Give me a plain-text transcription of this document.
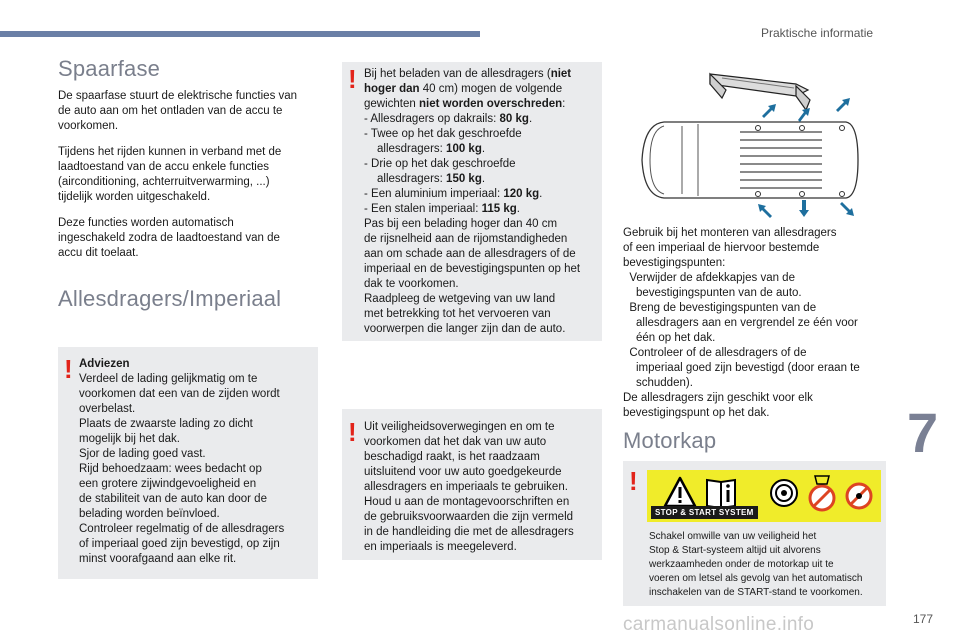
Praktische informatie
Spaarfase
De spaarfase stuurt de elektrische functies van
de auto aan om het ontladen van de accu te
voorkomen.
Tijdens het rijden kunnen in verband met de
laadtoestand van de accu enkele functies
(airconditioning, achterruitverwarming, ...)
tijdelijk worden uitgeschakeld.
Deze functies worden automatisch
ingeschakeld zodra de laadtoestand van de
accu dit toelaat.
Allesdragers/Imperiaal
! Adviezen
Verdeel de lading gelijkmatig om te
voorkomen dat een van de zijden wordt
overbelast.
Plaats de zwaarste lading zo dicht
mogelijk bij het dak.
Sjor de lading goed vast.
Rijd behoedzaam: wees bedacht op
een grotere zijwindgevoeligheid en
de stabiliteit van de auto kan door de
belading worden beïnvloed.
Controleer regelmatig of de allesdragers
of imperiaal goed zijn bevestigd, op zijn
minst voorafgaand aan elke rit.
! Bij het beladen van de allesdragers (niet
hoger dan 40 cm) mogen de volgende
gewichten niet worden overschreden:
- Allesdragers op dakrails: 80 kg.
- Twee op het dak geschroefde
allesdragers: 100 kg.
- Drie op het dak geschroefde
allesdragers: 150 kg.
- Een aluminium imperiaal: 120 kg.
- Een stalen imperiaal: 115 kg.
Pas bij een belading hoger dan 40 cm
de rijsnelheid aan de rijomstandigheden
aan om schade aan de allesdragers of de
imperiaal en de bevestigingspunten op het
dak te voorkomen.
Raadpleeg de wetgeving van uw land
met betrekking tot het vervoeren van
voorwerpen die langer zijn dan de auto.
! Uit veiligheidsoverwegingen en om te
voorkomen dat het dak van uw auto
beschadigd raakt, is het raadzaam
uitsluitend voor uw auto goedgekeurde
allesdragers en imperiaals te gebruiken.
Houd u aan de montagevoorschriften en
de gebruiksvoorwaarden die zijn vermeld
in de handleiding die met de allesdragers
en imperiaals is meegeleverd.
Gebruik bij het monteren van allesdragers
of een imperiaal de hiervoor bestemde
bevestigingspunten:
Verwijder de afdekkapjes van de
bevestigingspunten van de auto.
Breng de bevestigingspunten van de
allesdragers aan en vergrendel ze één voor
één op het dak.
Controleer of de allesdragers of de
imperiaal goed zijn bevestigd (door eraan te
schudden).
De allesdragers zijn geschikt voor elk
bevestigingspunt op het dak.
Motorkap
!
STOP & START SYSTEM
Schakel omwille van uw veiligheid het
Stop & Start-systeem altijd uit alvorens
werkzaamheden onder de motorkap uit te
voeren om letsel als gevolg van het automatisch
inschakelen van de START-stand te voorkomen.
7
carmanualsonline.info	177
